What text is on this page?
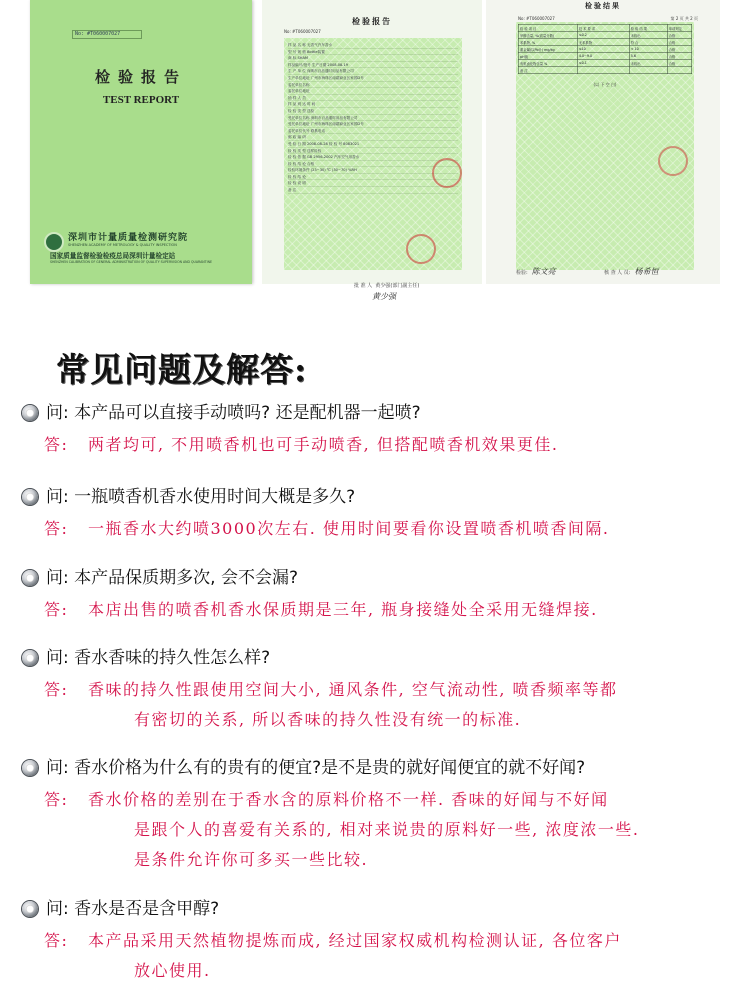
No: #T060007027
检验报告
TEST REPORT
深圳市计量质量检测研究院
SHENZHEN ACADEMY OF METROLOGY & QUALITY INSPECTION
国家质量监督检验检疫总局深圳计量检定站
SHENZHEN CALIBRATION OF GENERAL ADMINISTRATION OF QUALITY SUPERVISION AND QUARANTINE
检验报告
No: #T060007027
样 品 名 称 无香气汽车香水
型 号 规 格 Bottle装置
商 标 SHAM
样品编号/批号 生产日期 2008.08.19
生 产 单 位 深圳市百品通时用品有限公司
生产单位地址 广州市海珠区南端商业区家园D号
委托单位名称
委托单位地址
抽 样 人 员
样 品 到 达 时 间
检 验 类 型 送检
受托单位名称 深圳市百品通时用品有限公司
受托单位地址 广州市海珠区南端商业区家园D号
委托单位代号 联系电话
邮 政 编 码
受 检 日 期 2008-08-28 检 验 号 8083021
检 验 类 型 送样检验
检 验 依 据 GB 2956-2002 汽车空气用香水
检 验 结 论 合格
检验环境条件 (23~30) ℃ (30~70) %RH
检 验 结 论
检 验 说 明
备 注
批 准 人 黄少强(部门副主任)
黄少强
检验结果
No: #T060007027	第 2 页 共 2 页
检 验 项 目	技 术 要 求	检 验 结 果	单项判定
甲醇含量, %(质量分数)	≤0.2	未检出	合格
苯系物, %	无苯系物	符 合	合格
重金属(以Pb计) mg/kg	≤10	< 10	合格
pH值	4.0~9.0	5.6	合格
有机卤化物含量 %	≤0.1	未检出	合格
备 注			
(以 下 空 白)
检验: 陈文亮	核 查 人 员: 杨希恒
常见问题及解答:
问: 本产品可以直接手动喷吗? 还是配机器一起喷?
答: 两者均可, 不用喷香机也可手动喷香, 但搭配喷香机效果更佳.
问: 一瓶喷香机香水使用时间大概是多久?
答: 一瓶香水大约喷3000次左右. 使用时间要看你设置喷香机喷香间隔.
问: 本产品保质期多次, 会不会漏?
答: 本店出售的喷香机香水保质期是三年, 瓶身接缝处全采用无缝焊接.
问: 香水香味的持久性怎么样?
答: 香味的持久性跟使用空间大小, 通风条件, 空气流动性, 喷香频率等都
有密切的关系, 所以香味的持久性没有统一的标准.
问: 香水价格为什么有的贵有的便宜?是不是贵的就好闻便宜的就不好闻?
答: 香水价格的差别在于香水含的原料价格不一样. 香味的好闻与不好闻
是跟个人的喜爱有关系的, 相对来说贵的原料好一些, 浓度浓一些.
是条件允许你可多买一些比较.
问: 香水是否是含甲醇?
答: 本产品采用天然植物提炼而成, 经过国家权威机构检测认证, 各位客户
放心使用.
